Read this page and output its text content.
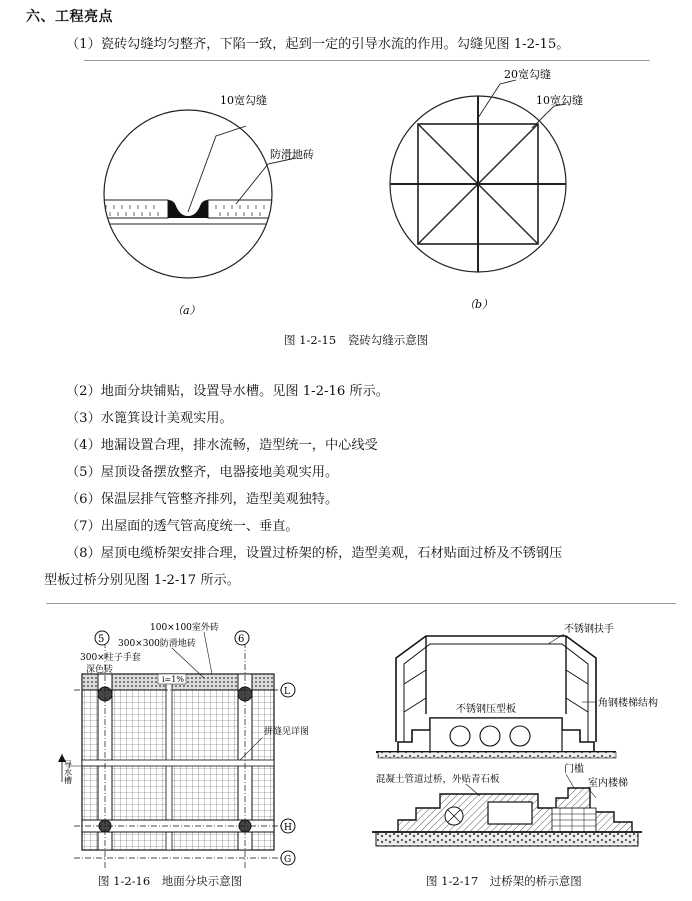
六、工程亮点
（1）瓷砖勾缝均匀整齐，下陷一致，起到一定的引导水流的作用。勾缝见图 1-2-15。
10宽勾缝
防滑地砖
（a）
20宽勾缝
10宽勾缝
（b）
图 1-2-15　瓷砖勾缝示意图
（2）地面分块铺贴，设置导水槽。见图 1-2-16 所示。
（3）水篦箕设计美观实用。
（4）地漏设置合理，排水流畅，造型统一，中心线受
（5）屋顶设备摆放整齐，电器接地美观实用。
（6）保温层排气管整齐排列，造型美观独特。
（7）出屋面的透气管高度统一、垂直。
（8）屋顶电缆桥架安排合理，设置过桥架的桥，造型美观，石材贴面过桥及不锈钢压
型板过桥分别见图 1-2-17 所示。
5	6
L
H
G
100×100室外砖
300×300防滑地砖
300×柱子手套
深色砖
i=1%
拼缝见详图
导水槽
图 1-2-16　地面分块示意图
不锈钢扶手
不锈钢压型板
角钢楼梯结构
混凝土管道过桥，外贴青石板
门槛
室内楼梯
图 1-2-17　过桥架的桥示意图
